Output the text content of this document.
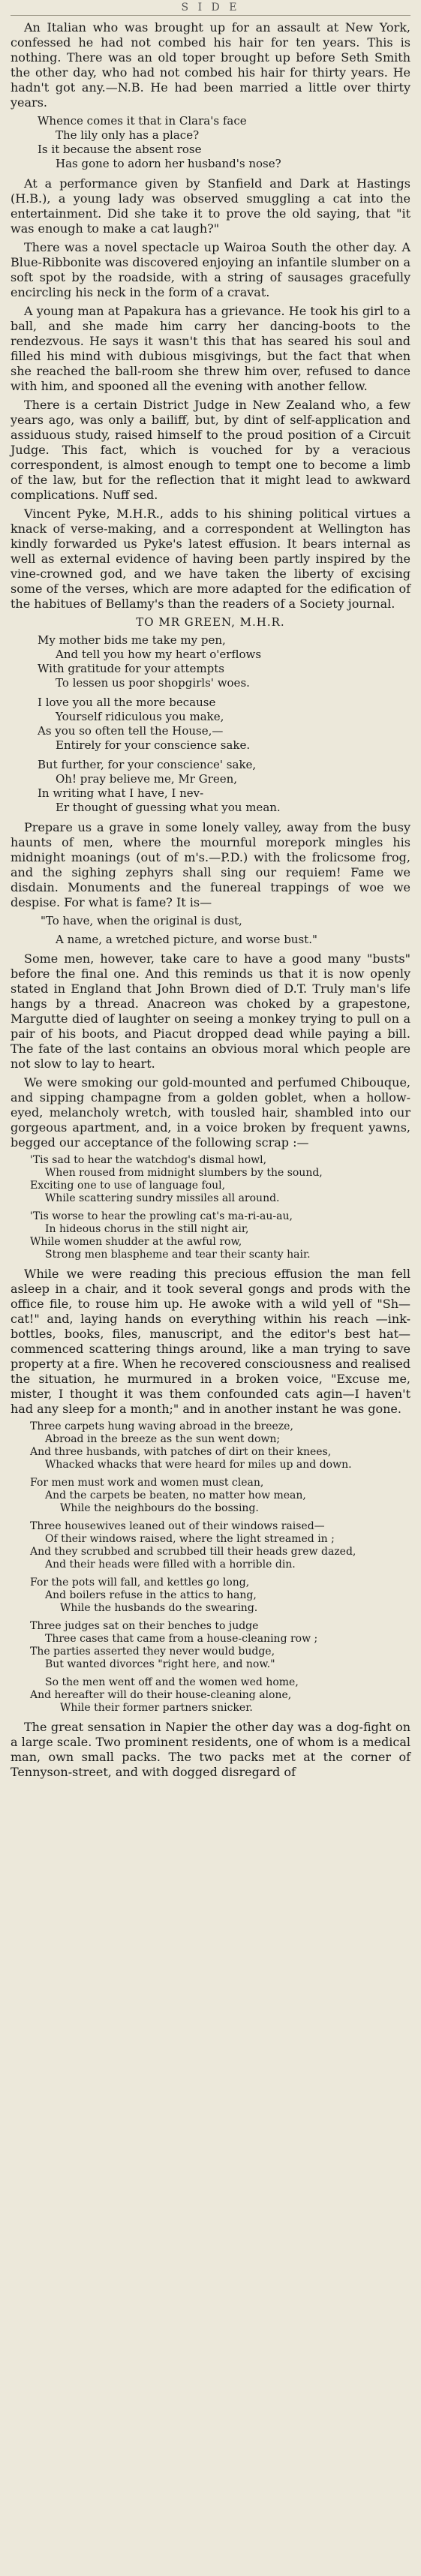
S I D E

An Italian who was brought up for an assault at New York, confessed he had not combed his hair for ten years. This is nothing. There was an old toper brought up before Seth Smith the other day, who had not combed his hair for thirty years. He hadn't got any.—N.B. He had been married a little over thirty years.

Whence comes it that in Clara's face
The lily only has a place?
Is it because the absent rose
Has gone to adorn her husband's nose?

At a performance given by Stanfield and Dark at Hastings (H.B.), a young lady was observed smuggling a cat into the entertainment. Did she take it to prove the old saying, that "it was enough to make a cat laugh?"

There was a novel spectacle up Wairoa South the other day. A Blue-Ribbonite was discovered enjoying an infantile slumber on a soft spot by the roadside, with a string of sausages gracefully encircling his neck in the form of a cravat.

A young man at Papakura has a grievance. He took his girl to a ball, and she made him carry her dancing-boots to the rendezvous. He says it wasn't this that has seared his soul and filled his mind with dubious misgivings, but the fact that when she reached the ball-room she threw him over, refused to dance with him, and spooned all the evening with another fellow.

There is a certain District Judge in New Zealand who, a few years ago, was only a bailiff, but, by dint of self-application and assiduous study, raised himself to the proud position of a Circuit Judge. This fact, which is vouched for by a veracious correspondent, is almost enough to tempt one to become a limb of the law, but for the reflection that it might lead to awkward complications. Nuff sed.

Vincent Pyke, M.H.R., adds to his shining political virtues a knack of verse-making, and a correspondent at Wellington has kindly forwarded us Pyke's latest effusion. It bears internal as well as external evidence of having been partly inspired by the vine-crowned god, and we have taken the liberty of excising some of the verses, which are more adapted for the edification of the habitues of Bellamy's than the readers of a Society journal.

TO MR GREEN, M.H.R.
My mother bids me take my pen,
And tell you how my heart o'erflows
With gratitude for your attempts
To lessen us poor shopgirls' woes.
I love you all the more because
Yourself ridiculous you make,
As you so often tell the House,—
Entirely for your conscience sake.
But further, for your conscience' sake,
Oh! pray believe me, Mr Green,
In writing what I have, I nev-
Er thought of guessing what you mean.

Prepare us a grave in some lonely valley, away from the busy haunts of men, where the mournful morepork mingles his midnight moanings (out of m's.—P.D.) with the frolicsome frog, and the sighing zephyrs shall sing our requiem! Fame we disdain. Monuments and the funereal trappings of woe we despise. For what is fame? It is—

"To have, when the original is dust,
A name, a wretched picture, and worse bust."

Some men, however, take care to have a good many "busts" before the final one. And this reminds us that it is now openly stated in England that John Brown died of D.T. Truly man's life hangs by a thread. Anacreon was choked by a grapestone, Margutte died of laughter on seeing a monkey trying to pull on a pair of his boots, and Piacut dropped dead while paying a bill. The fate of the last contains an obvious moral which people are not slow to lay to heart.

We were smoking our gold-mounted and perfumed Chibouque, and sipping champagne from a golden goblet, when a hollow-eyed, melancholy wretch, with tousled hair, shambled into our gorgeous apartment, and, in a voice broken by frequent yawns, begged our acceptance of the following scrap :—

'Tis sad to hear the watchdog's dismal howl,
When roused from midnight slumbers by the sound,
Exciting one to use of language foul,
While scattering sundry missiles all around.
'Tis worse to hear the prowling cat's ma-ri-au-au,
In hideous chorus in the still night air,
While women shudder at the awful row,
Strong men blaspheme and tear their scanty hair.

While we were reading this precious effusion the man fell asleep in a chair, and it took several gongs and prods with the office file, to rouse him up. He awoke with a wild yell of "Sh—cat!" and, laying hands on everything within his reach —ink-bottles, books, files, manuscript, and the editor's best hat—commenced scattering things around, like a man trying to save property at a fire. When he recovered consciousness and realised the situation, he murmured in a broken voice, "Excuse me, mister, I thought it was them confounded cats agin—I haven't had any sleep for a month;" and in another instant he was gone.

Three carpets hung waving abroad in the breeze,
Abroad in the breeze as the sun went down;
And three husbands, with patches of dirt on their knees,
Whacked whacks that were heard for miles up and down.
For men must work and women must clean,
And the carpets be beaten, no matter how mean,
While the neighbours do the bossing.
Three housewives leaned out of their windows raised—
Of their windows raised, where the light streamed in ;
And they scrubbed and scrubbed till their heads grew dazed,
And their heads were filled with a horrible din.
For the pots will fall, and kettles go long,
And boilers refuse in the attics to hang,
While the husbands do the swearing.
Three judges sat on their benches to judge
Three cases that came from a house-cleaning row ;
The parties asserted they never would budge,
But wanted divorces "right here, and now."
So the men went off and the women wed home,
And hereafter will do their house-cleaning alone,
While their former partners snicker.

The great sensation in Napier the other day was a dog-fight on a large scale. Two prominent residents, one of whom is a medical man, own small packs. The two packs met at the corner of Tennyson-street, and with dogged disregard of
